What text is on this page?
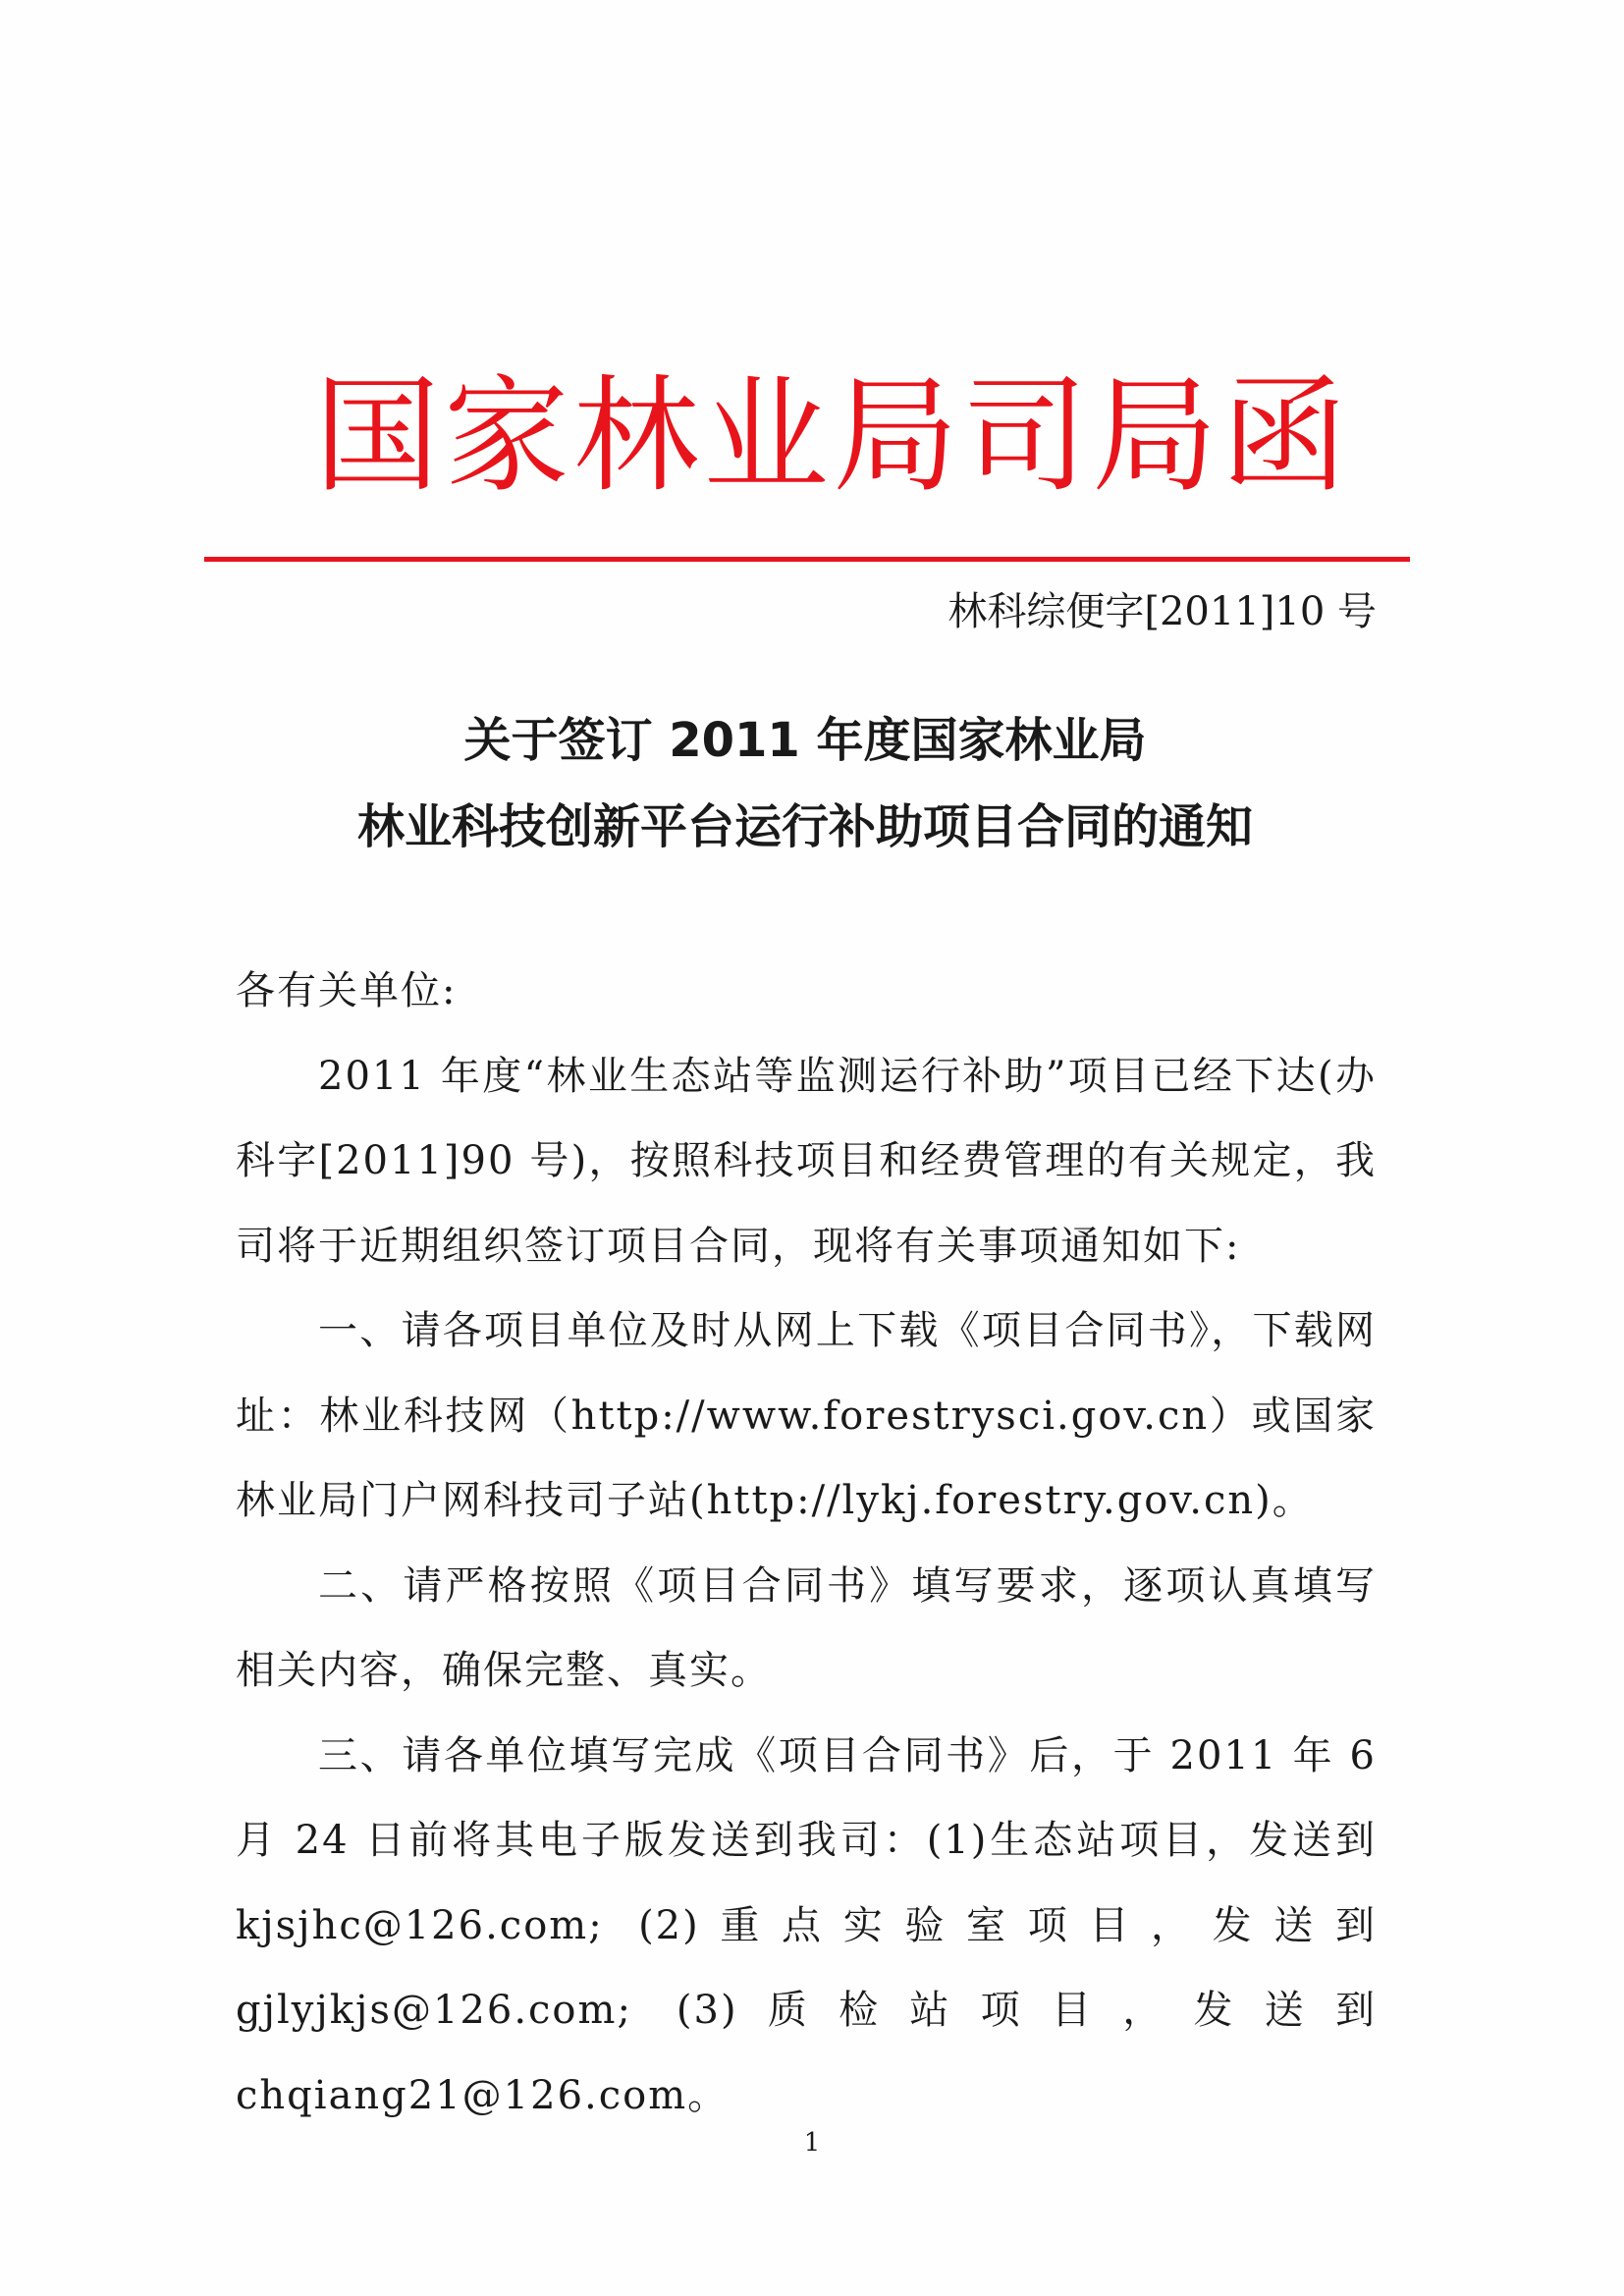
国家林业局司局函
林科综便字[2011]10 号
关于签订 2011 年度国家林业局
林业科技创新平台运行补助项目合同的通知

各有关单位:

2011 年度“林业生态站等监测运行补助”项目已经下达(办科字[2011]90 号)，按照科技项目和经费管理的有关规定，我司将于近期组织签订项目合同，现将有关事项通知如下:

一、请各项目单位及时从网上下载《项目合同书》，下载网址：林业科技网（http://www.forestrysci.gov.cn）或国家林业局门户网科技司子站(http://lykj.forestry.gov.cn)。

二、请严格按照《项目合同书》填写要求，逐项认真填写相关内容，确保完整、真实。

三、请各单位填写完成《项目合同书》后，于 2011 年 6 月 24 日前将其电子版发送到我司：(1)生态站项目，发送到 kjsjhc@126.com; (2)重点实验室项目，发送到 gjlyjkjs@126.com; (3)质检站项目，发送到 chqiang21@126.com。

1
